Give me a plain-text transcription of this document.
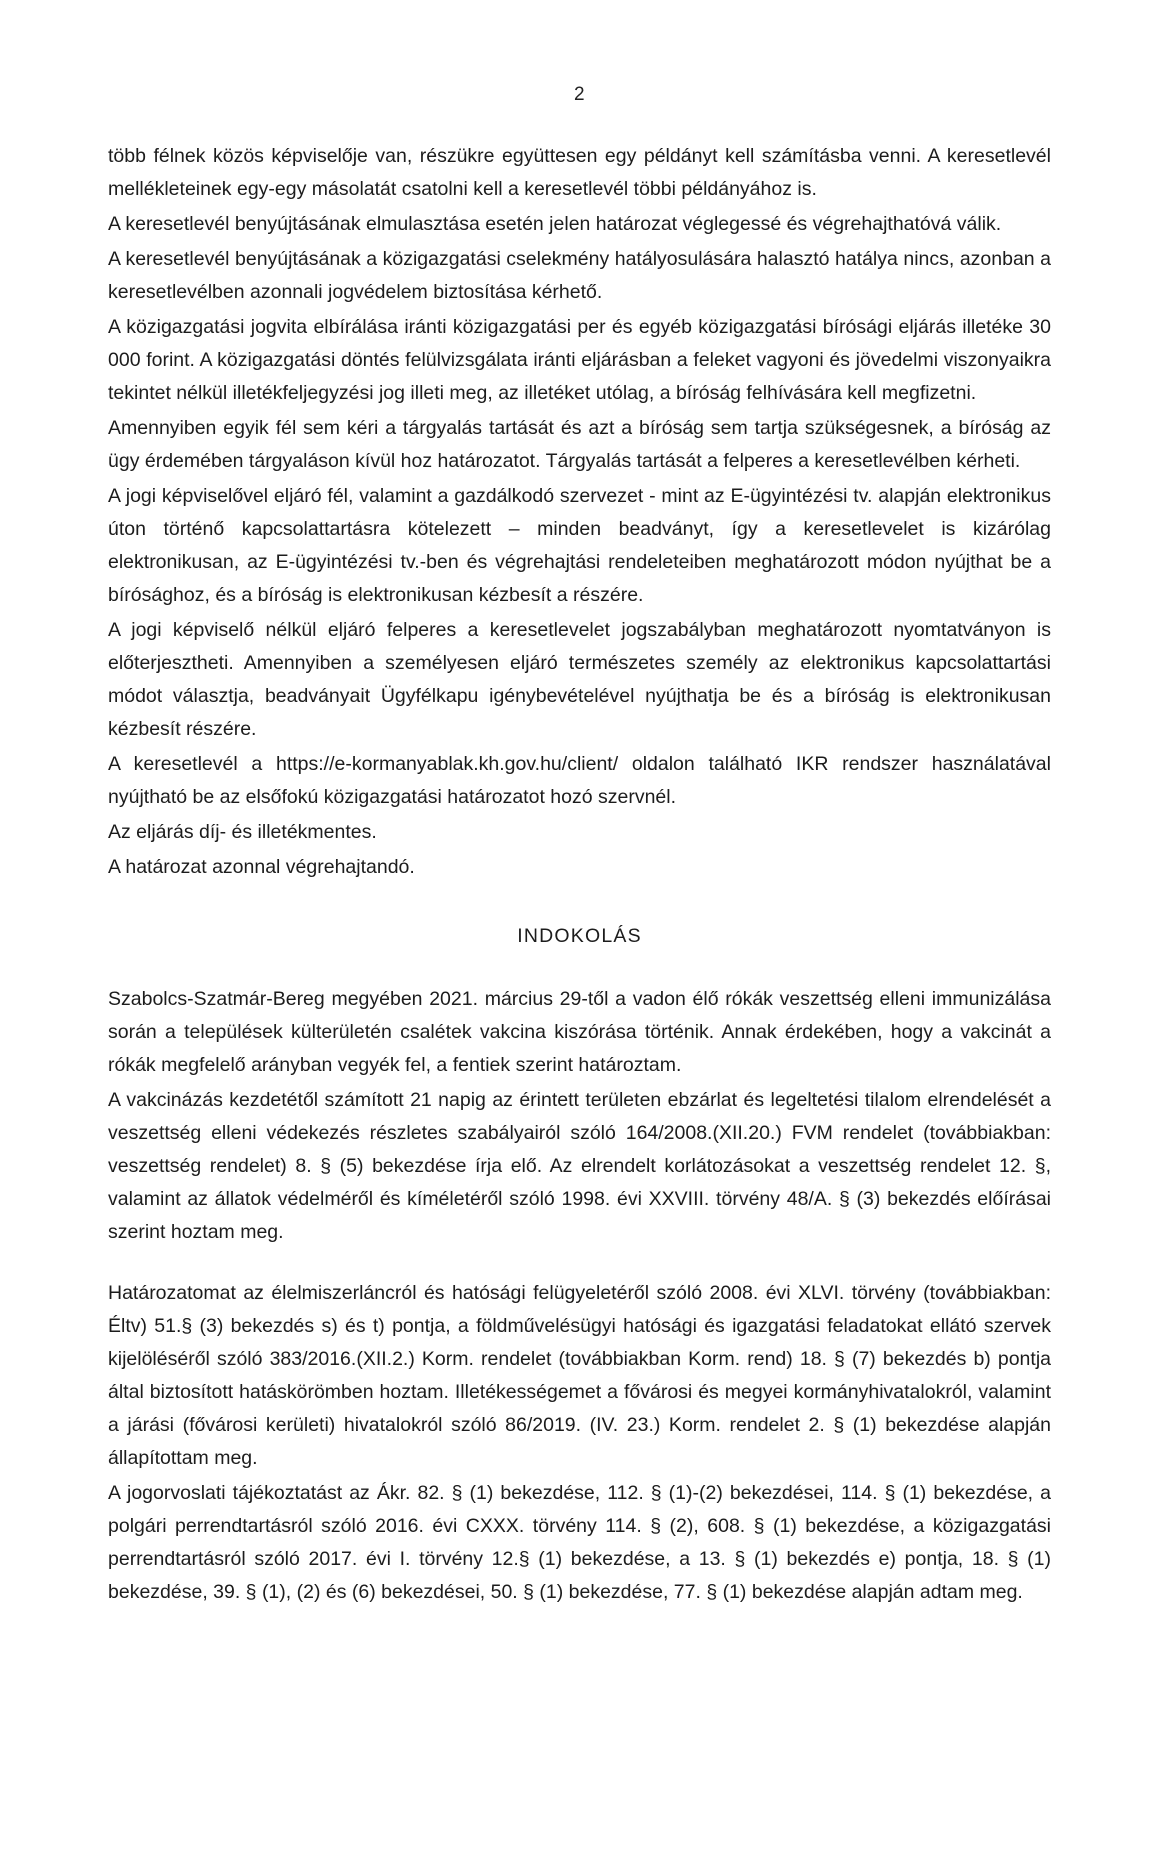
2

több félnek közös képviselője van, részükre együttesen egy példányt kell számításba venni. A keresetlevél mellékleteinek egy-egy másolatát csatolni kell a keresetlevél többi példányához is.

A keresetlevél benyújtásának elmulasztása esetén jelen határozat véglegessé és végrehajthatóvá válik.

A keresetlevél benyújtásának a közigazgatási cselekmény hatályosulására halasztó hatálya nincs, azonban a keresetlevélben azonnali jogvédelem biztosítása kérhető.

A közigazgatási jogvita elbírálása iránti közigazgatási per és egyéb közigazgatási bírósági eljárás illetéke 30 000 forint. A közigazgatási döntés felülvizsgálata iránti eljárásban a feleket vagyoni és jövedelmi viszonyaikra tekintet nélkül illetékfeljegyzési jog illeti meg, az illetéket utólag, a bíróság felhívására kell megfizetni.

Amennyiben egyik fél sem kéri a tárgyalás tartását és azt a bíróság sem tartja szükségesnek, a bíróság az ügy érdemében tárgyaláson kívül hoz határozatot. Tárgyalás tartását a felperes a keresetlevélben kérheti.

A jogi képviselővel eljáró fél, valamint a gazdálkodó szervezet - mint az E-ügyintézési tv. alapján elektronikus úton történő kapcsolattartásra kötelezett – minden beadványt, így a keresetlevelet is kizárólag elektronikusan, az E-ügyintézési tv.-ben és végrehajtási rendeleteiben meghatározott módon nyújthat be a bírósághoz, és a bíróság is elektronikusan kézbesít a részére.

A jogi képviselő nélkül eljáró felperes a keresetlevelet jogszabályban meghatározott nyomtatványon is előterjesztheti. Amennyiben a személyesen eljáró természetes személy az elektronikus kapcsolattartási módot választja, beadványait Ügyfélkapu igénybevételével nyújthatja be és a bíróság is elektronikusan kézbesít részére.

A keresetlevél a https://e-kormanyablak.kh.gov.hu/client/ oldalon található IKR rendszer használatával nyújtható be az elsőfokú közigazgatási határozatot hozó szervnél.

Az eljárás díj- és illetékmentes.

A határozat azonnal végrehajtandó.

INDOKOLÁS

Szabolcs-Szatmár-Bereg megyében 2021. március 29-től a vadon élő rókák veszettség elleni immunizálása során a települések külterületén csalétek vakcina kiszórása történik. Annak érdekében, hogy a vakcinát a rókák megfelelő arányban vegyék fel, a fentiek szerint határoztam.

A vakcinázás kezdetétől számított 21 napig az érintett területen ebzárlat és legeltetési tilalom elrendelését a veszettség elleni védekezés részletes szabályairól szóló 164/2008.(XII.20.) FVM rendelet (továbbiakban: veszettség rendelet) 8. § (5) bekezdése írja elő. Az elrendelt korlátozásokat a veszettség rendelet 12. §, valamint az állatok védelméről és kíméletéről szóló 1998. évi XXVIII. törvény 48/A. § (3) bekezdés előírásai szerint hoztam meg.

Határozatomat az élelmiszerláncról és hatósági felügyeletéről szóló 2008. évi XLVI. törvény (továbbiakban: Éltv) 51.§ (3) bekezdés s) és t) pontja, a földművelésügyi hatósági és igazgatási feladatokat ellátó szervek kijelöléséről szóló 383/2016.(XII.2.) Korm. rendelet (továbbiakban Korm. rend) 18. § (7) bekezdés b) pontja által biztosított hatáskörömben hoztam. Illetékességemet a fővárosi és megyei kormányhivatalokról, valamint a járási (fővárosi kerületi) hivatalokról szóló 86/2019. (IV. 23.) Korm. rendelet 2. § (1) bekezdése alapján állapítottam meg.

A jogorvoslati tájékoztatást az Ákr. 82. § (1) bekezdése, 112. § (1)-(2) bekezdései, 114. § (1) bekezdése, a polgári perrendtartásról szóló 2016. évi CXXX. törvény 114. § (2), 608. § (1) bekezdése, a közigazgatási perrendtartásról szóló 2017. évi I. törvény 12.§ (1) bekezdése, a 13. § (1) bekezdés e) pontja, 18. § (1) bekezdése, 39. § (1), (2) és (6) bekezdései, 50. § (1) bekezdése, 77. § (1) bekezdése alapján adtam meg.
